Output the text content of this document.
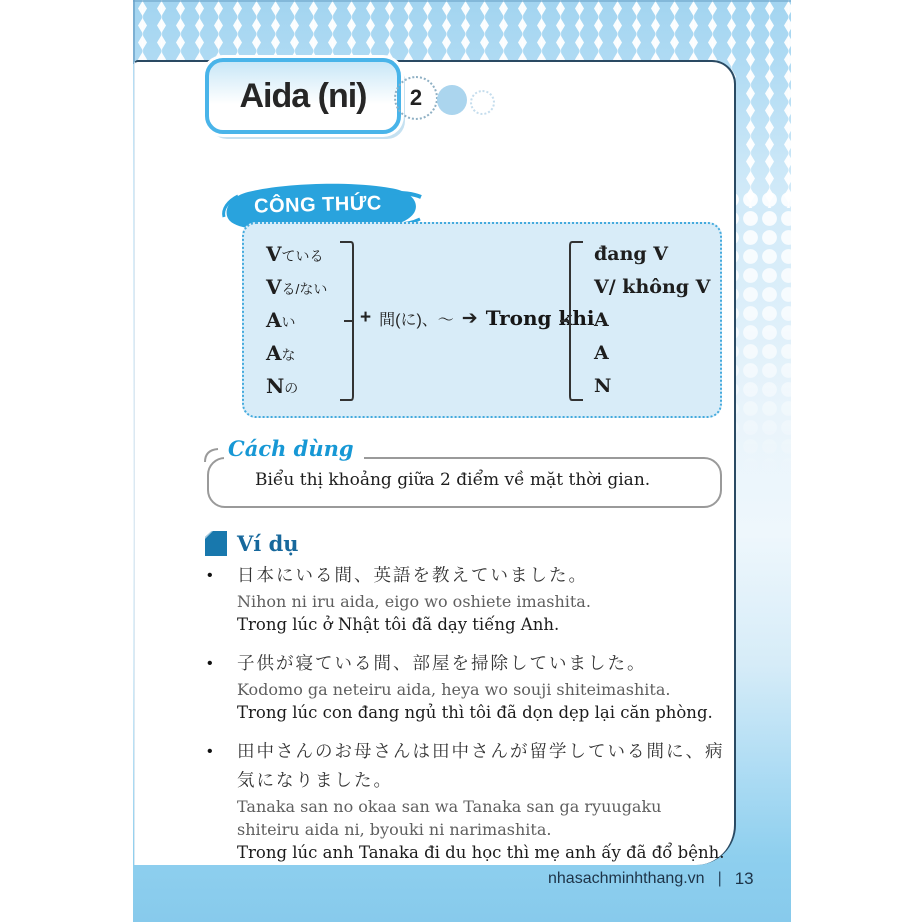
Aida (ni) 2
CÔNG THỨC
Vている
Vる/ない
Aい
Aな
Nの
+ 間(に)、～ ➔ Trong khi
đang V
V/ không V
A
A
N
Cách dùng
Biểu thị khoảng giữa 2 điểm về mặt thời gian.
Ví dụ
•
日本にいる間、英語を教えていました。
Nihon ni iru aida, eigo wo oshiete imashita.
Trong lúc ở Nhật tôi đã dạy tiếng Anh.
•
子供が寝ている間、部屋を掃除していました。
Kodomo ga neteiru aida, heya wo souji shiteimashita.
Trong lúc con đang ngủ thì tôi đã dọn dẹp lại căn phòng.
•
田中さんのお母さんは田中さんが留学している間に、病気になりました。
Tanaka san no okaa san wa Tanaka san ga ryuugaku shiteiru aida ni, byouki ni narimashita.
Trong lúc anh Tanaka đi du học thì mẹ anh ấy đã đổ bệnh.
nhasachminhthang.vn | 13
